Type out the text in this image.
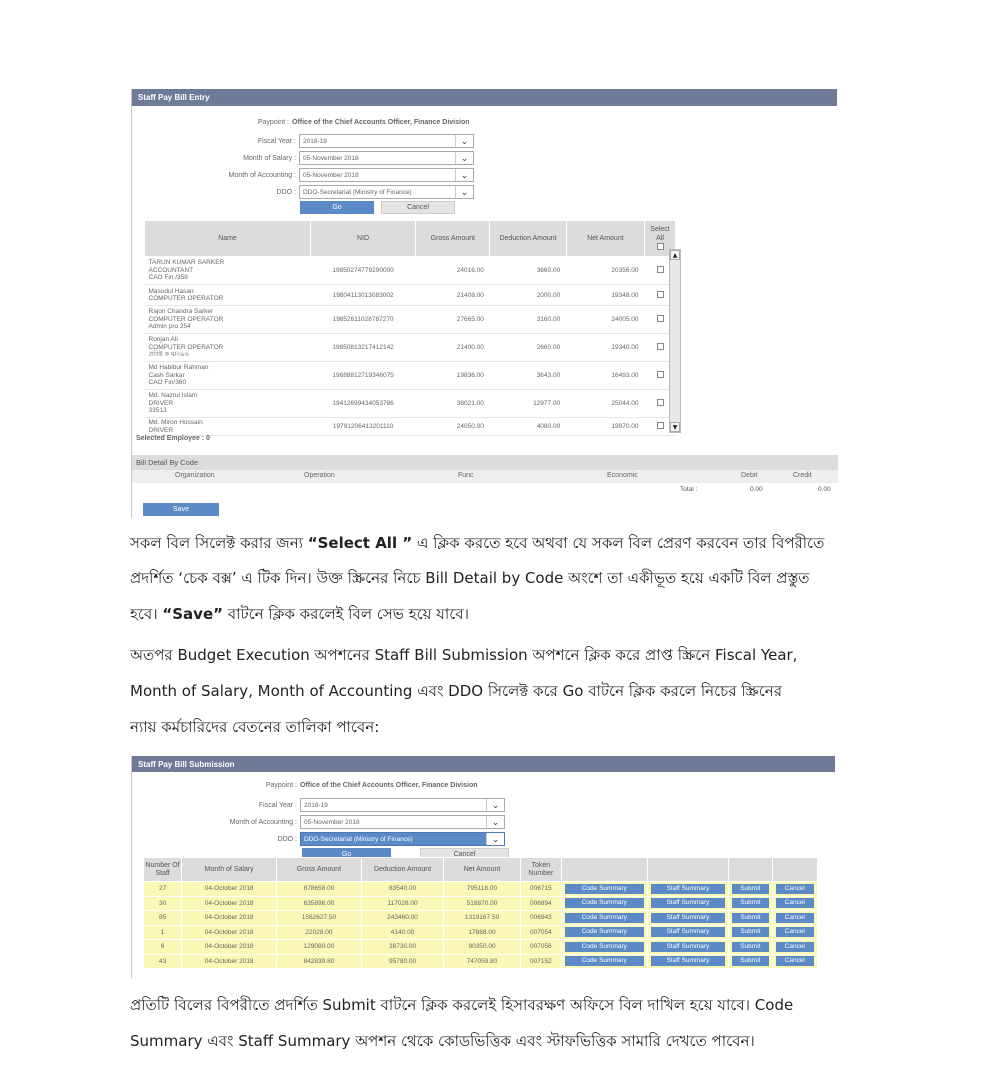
Staff Pay Bill Entry
Paypoint : Office of the Chief Accounts Officer, Finance Division
Fiscal Year :	2018-19	⌄
Month of Salary :	05-November 2018	⌄
Month of Accounting :	05-November 2018	⌄
DDO :	DDO-Secretariat (Ministry of Finance)	⌄
Go	Cancel
Name	NID	Gross Amount	Deduction Amount	Net Amount	Select All

TARUN KUMAR SARKER
ACCOUNTANT
CAO Fin /358	19850274779290000	24016.00	3660.00	20356.00	

Masudul Hasan
COMPUTER OPERATOR	19804113013083002	21408.00	2000.00	19348.00	

Rajon Chandra Sarker
COMPUTER OPERATOR
Admin pro 254	19852611028787270	27665.00	3160.00	24005.00	

Ronjan Ali
COMPUTER OPERATOR
প্রবিষ্ট ক ম/৩৯৬	19850813217412142	21400.00	2660.00	19340.00	

Md Habibur Rahman
Cash Sarkar
CAO Fin/360	19688812719346075	19836.00	3643.00	16493.00	

Md. Nazrul Islam
DRIVER
33513	19412699434053786	38021.00	12977.00	25044.00	

Md. Miron Hossain
DRIVER	19791206413201110	24050.00	4080.00	19970.00	
▲
▼
Selected Employee : 0
Bill Detail By Code
Organization	Operation	Func	Economic	Debit	Credit
Total :	0.00	0.00
Save
সকল বিল সিলেক্ট করার জন্য “Select All ” এ ক্লিক করতে হবে অথবা যে সকল বিল প্রেরণ করবেন তার বিপরীতে
প্রদর্শিত ‘চেক বক্স’ এ টিক দিন। উক্ত স্ক্রিনের নিচে Bill Detail by Code অংশে তা একীভূত হয়ে একটি বিল প্রস্তুত
হবে। “Save” বাটনে ক্লিক করলেই বিল সেভ হয়ে যাবে।
অতপর Budget Execution অপশনের Staff Bill Submission অপশনে ক্লিক করে প্রাপ্ত স্ক্রিনে Fiscal Year,
Month of Salary, Month of Accounting এবং DDO সিলেক্ট করে Go বাটনে ক্লিক করলে নিচের স্ক্রিনের
ন্যায় কর্মচারিদের বেতনের তালিকা পাবেন:
Staff Pay Bill Submission
Paypoint : Office of the Chief Accounts Officer, Finance Division
Fiscal Year :	2018-19	⌄
Month of Accounting :	05-November 2018	⌄
DDO :	DDO-Secretariat (Ministry of Finance)	⌄
Go	Cancel
Number Of Staff	Month of Salary	Gross Amount	Deduction Amount	Net Amount	Token Number				
27	04-October 2018	878658.00	83540.00	795118.00	006715	Code Summary	Staff Summary	Submit	Cancel

30	04-October 2018	635898.00	117028.00	518870.00	006894	Code Summary	Staff Summary	Submit	Cancel

85	04-October 2018	1562627.50	243460.00	1319167.50	006943	Code Summary	Staff Summary	Submit	Cancel

1	04-October 2018	22028.00	4140.00	17888.00	007054	Code Summary	Staff Summary	Submit	Cancel

6	04-October 2018	129080.00	38730.00	90350.00	007056	Code Summary	Staff Summary	Submit	Cancel

43	04-October 2018	842839.80	95780.00	747059.80	007152	Code Summary	Staff Summary	Submit	Cancel
প্রতিটি বিলের বিপরীতে প্রদর্শিত Submit বাটনে ক্লিক করলেই হিসাবরক্ষণ অফিসে বিল দাখিল হয়ে যাবে। Code
Summary এবং Staff Summary অপশন থেকে কোডভিত্তিক এবং স্টাফভিত্তিক সামারি দেখতে পাবেন।
